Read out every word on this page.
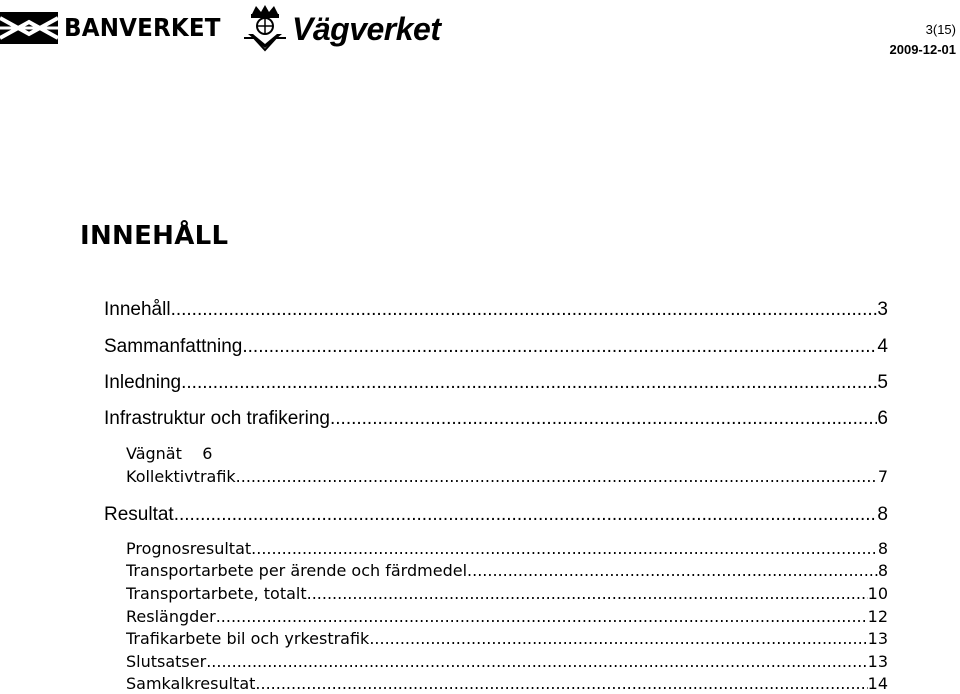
BANVERKET Vägverket	3(15)
2009-12-01
INNEHÅLL
Innehåll .....	3
Sammanfattning .....	4
Inledning .....	5
Infrastruktur och trafikering .....	6
Vägnät 6
Kollektivtrafik .....	7
Resultat .....	8
Prognosresultat .....	8
Transportarbete per ärende och färdmedel .....	8
Transportarbete, totalt .....	10
Reslängder .....	12
Trafikarbete bil och yrkestrafik .....	13
Slutsatser .....	13
Samkalkresultat .....	14
